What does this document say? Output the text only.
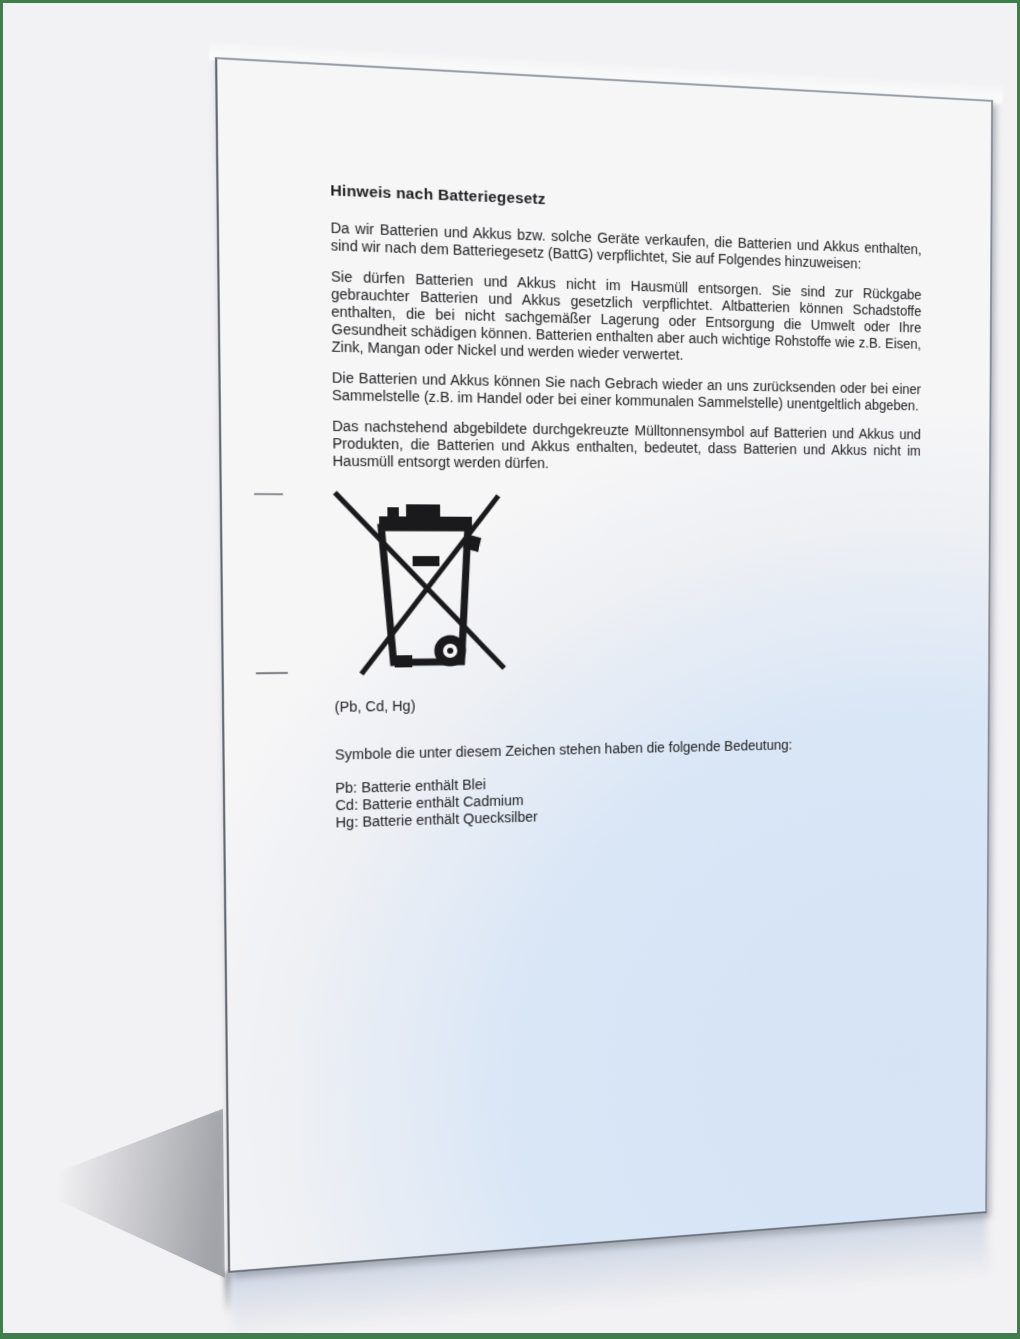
Hinweis nach Batteriegesetz

Da wir Batterien und Akkus bzw. solche Geräte verkaufen, die Batterien und Akkus enthalten, sind wir nach dem Batteriegesetz (BattG) verpflichtet, Sie auf Folgendes hinzuweisen:

Sie dürfen Batterien und Akkus nicht im Hausmüll entsorgen. Sie sind zur Rückgabe gebrauchter Batterien und Akkus gesetzlich verpflichtet. Altbatterien können Schadstoffe enthalten, die bei nicht sachgemäßer Lagerung oder Entsorgung die Umwelt oder Ihre Gesundheit schädigen können. Batterien enthalten aber auch wichtige Rohstoffe wie z.B. Eisen, Zink, Mangan oder Nickel und werden wieder verwertet.

Die Batterien und Akkus können Sie nach Gebrach wieder an uns zurücksenden oder bei einer Sammelstelle (z.B. im Handel oder bei einer kommunalen Sammelstelle) unentgeltlich abgeben.

Das nachstehend abgebildete durchgekreuzte Mülltonnensymbol auf Batterien und Akkus und Produkten, die Batterien und Akkus enthalten, bedeutet, dass Batterien und Akkus nicht im Hausmüll entsorgt werden dürfen.

(Pb, Cd, Hg)

Symbole die unter diesem Zeichen stehen haben die folgende Bedeutung:

Pb: Batterie enthält Blei
Cd: Batterie enthält Cadmium
Hg: Batterie enthält Quecksilber
